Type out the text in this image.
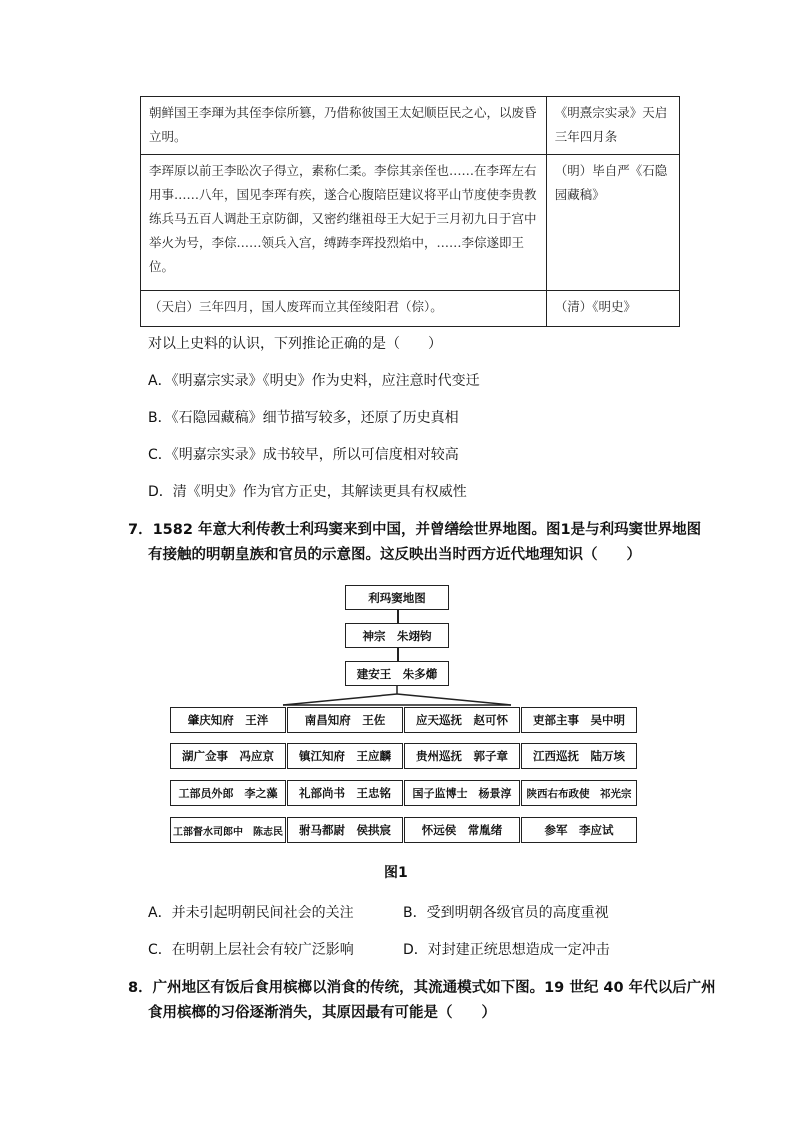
朝鲜国王李琿为其侄李倧所篡，乃借称彼国王太妃顺臣民之心，以废昏立明。	《明熹宗实录》天启三年四月条
李珲原以前王李昖次子得立，素称仁柔。李倧其亲侄也……在李珲左右用事……八年，国见李珲有疾，遂合心腹陪臣建议将平山节度使李贵教练兵马五百人调赴王京防御，又密约继祖母王大妃于三月初九日于宫中举火为号，李倧……领兵入宫，缚踌李珲投烈焰中，……李倧遂即王位。	（明）毕自严《石隐园藏稿》
（天启）三年四月，国人废珲而立其侄绫阳君（倧）。	（清）《明史》
对以上史料的认识，下列推论正确的是（　　）
A．《明嘉宗实录》《明史》作为史料，应注意时代变迁
B．《石隐园藏稿》细节描写较多，还原了历史真相
C．《明嘉宗实录》成书较早，所以可信度相对较高
D．清《明史》作为官方正史，其解读更具有权威性
7．1582 年意大利传教士利玛窦来到中国，并曾缮绘世界地图。图1是与利玛窦世界地图
有接触的明朝皇族和官员的示意图。这反映出当时西方近代地理知识（　　）
利玛窦地图
神宗　朱翊钧
建安王　朱多㸅
肇庆知府　王泮	南昌知府　王佐	应天巡抚　赵可怀	吏部主事　吴中明
湖广佥事　冯应京	镇江知府　王应麟	贵州巡抚　郭子章	江西巡抚　陆万垓
工部员外郎　李之藻	礼部尚书　王忠铭	国子监博士　杨景淳	陕西右布政使　祁光宗
工部督水司郎中　陈志民	驸马都尉　侯拱宸	怀远侯　常胤绪	参军　李应试
图1
A．并未引起明朝民间社会的关注	B．受到明朝各级官员的高度重视
C．在明朝上层社会有较广泛影响	D．对封建正统思想造成一定冲击
8．广州地区有饭后食用槟榔以消食的传统，其流通模式如下图。19 世纪 40 年代以后广州
食用槟榔的习俗逐渐消失，其原因最有可能是（　　）
